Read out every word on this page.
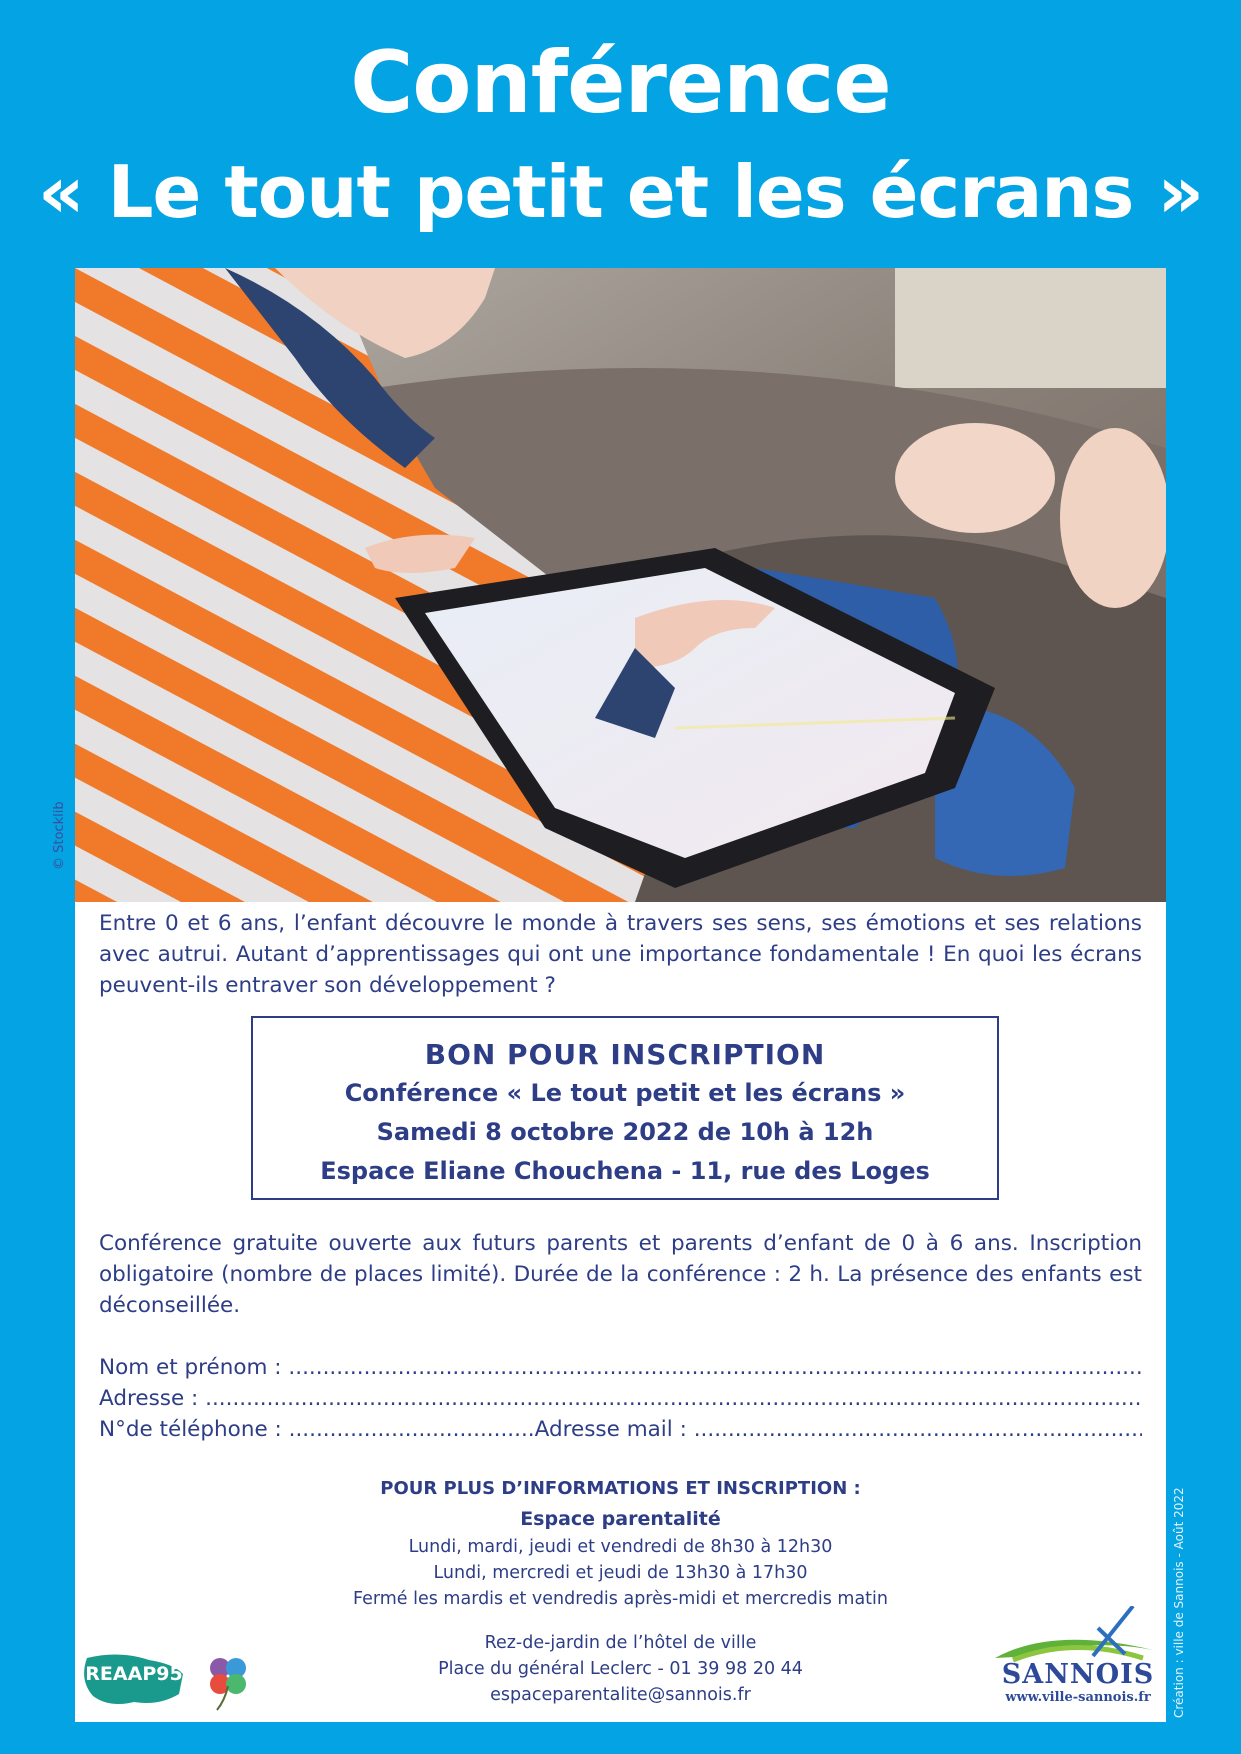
Conférence
« Le tout petit et les écrans »
© Stocklib
Création : ville de Sannois - Août 2022
Entre 0 et 6 ans, l’enfant découvre le monde à travers ses sens, ses émotions et ses relations avec autrui. Autant d’apprentissages qui ont une importance fondamentale ! En quoi les écrans peuvent-ils entraver son développement ?
BON POUR INSCRIPTION
Conférence « Le tout petit et les écrans »
Samedi 8 octobre 2022 de 10h à 12h
Espace Eliane Chouchena - 11, rue des Loges
Conférence gratuite ouverte aux futurs parents et parents d’enfant de 0 à 6 ans. Inscription obligatoire (nombre de places limité). Durée de la conférence : 2 h. La présence des enfants est déconseillée.
Nom et prénom :

.....
Adresse :

.....
N°de téléphone :
.................................... Adresse mail :

.....
POUR PLUS D’INFORMATIONS ET INSCRIPTION :
Espace parentalité
Lundi, mardi, jeudi et vendredi de 8h30 à 12h30
Lundi, mercredi et jeudi de 13h30 à 17h30
Fermé les mardis et vendredis après-midi et mercredis matin
Rez-de-jardin de l’hôtel de ville
Place du général Leclerc - 01 39 98 20 44
espaceparentalite@sannois.fr
REAAP95	SANNOIS
www.ville-sannois.fr
